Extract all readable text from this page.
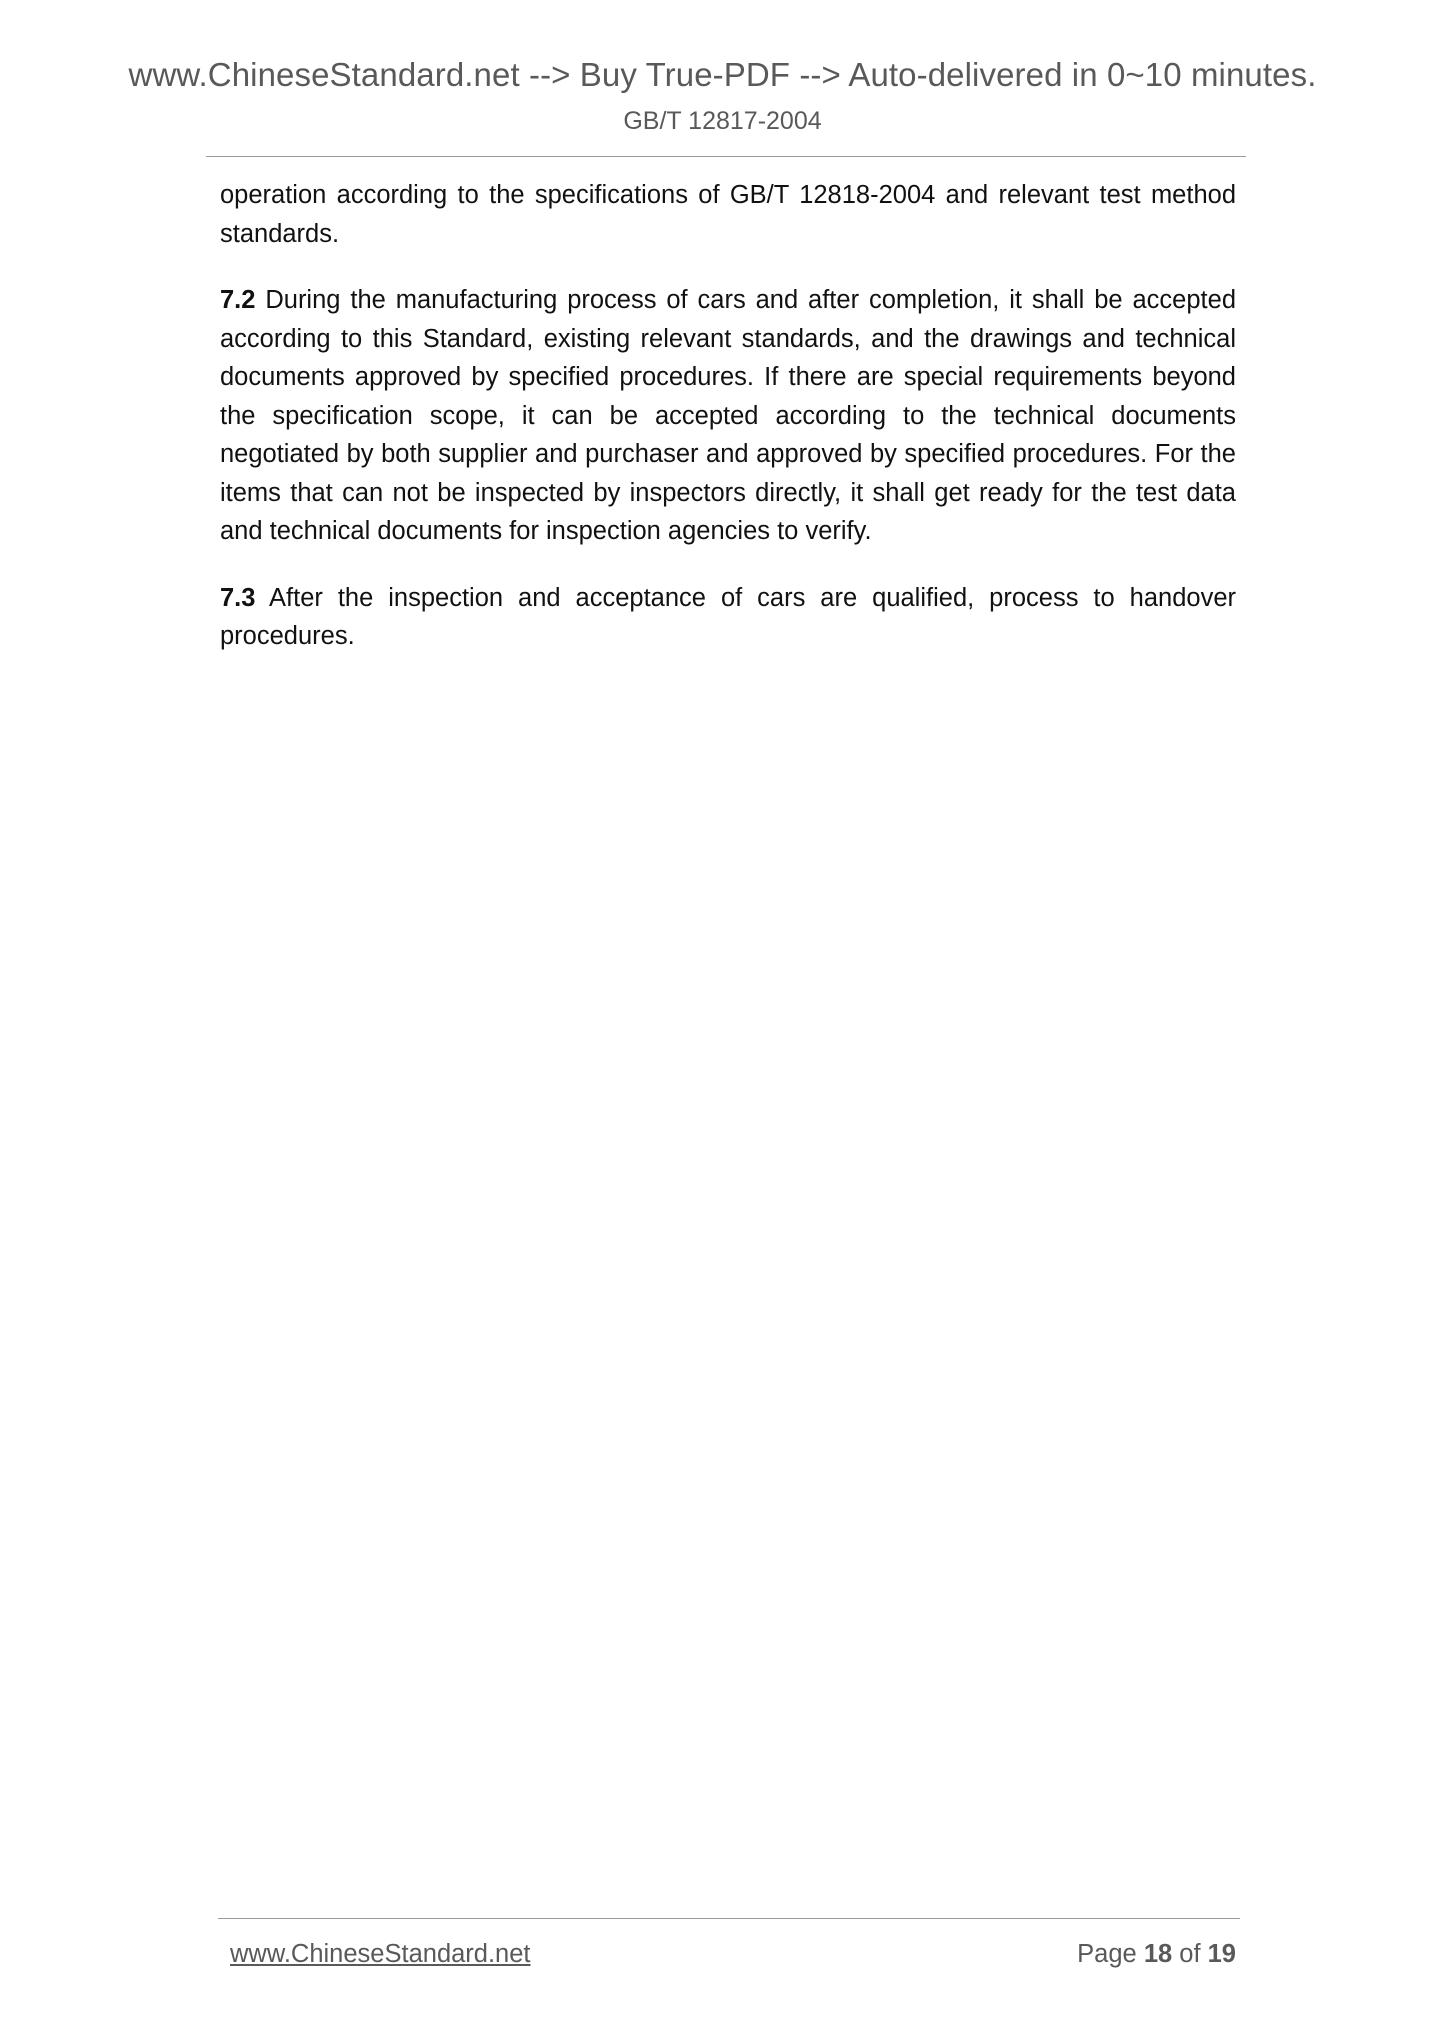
www.ChineseStandard.net --> Buy True-PDF --> Auto-delivered in 0~10 minutes.
GB/T 12817-2004

operation according to the specifications of GB/T 12818-2004 and relevant test method standards.

7.2 During the manufacturing process of cars and after completion, it shall be accepted according to this Standard, existing relevant standards, and the drawings and technical documents approved by specified procedures. If there are special requirements beyond the specification scope, it can be accepted according to the technical documents negotiated by both supplier and purchaser and approved by specified procedures. For the items that can not be inspected by inspectors directly, it shall get ready for the test data and technical documents for inspection agencies to verify.

7.3 After the inspection and acceptance of cars are qualified, process to handover procedures.

www.ChineseStandard.net	Page 18 of 19
